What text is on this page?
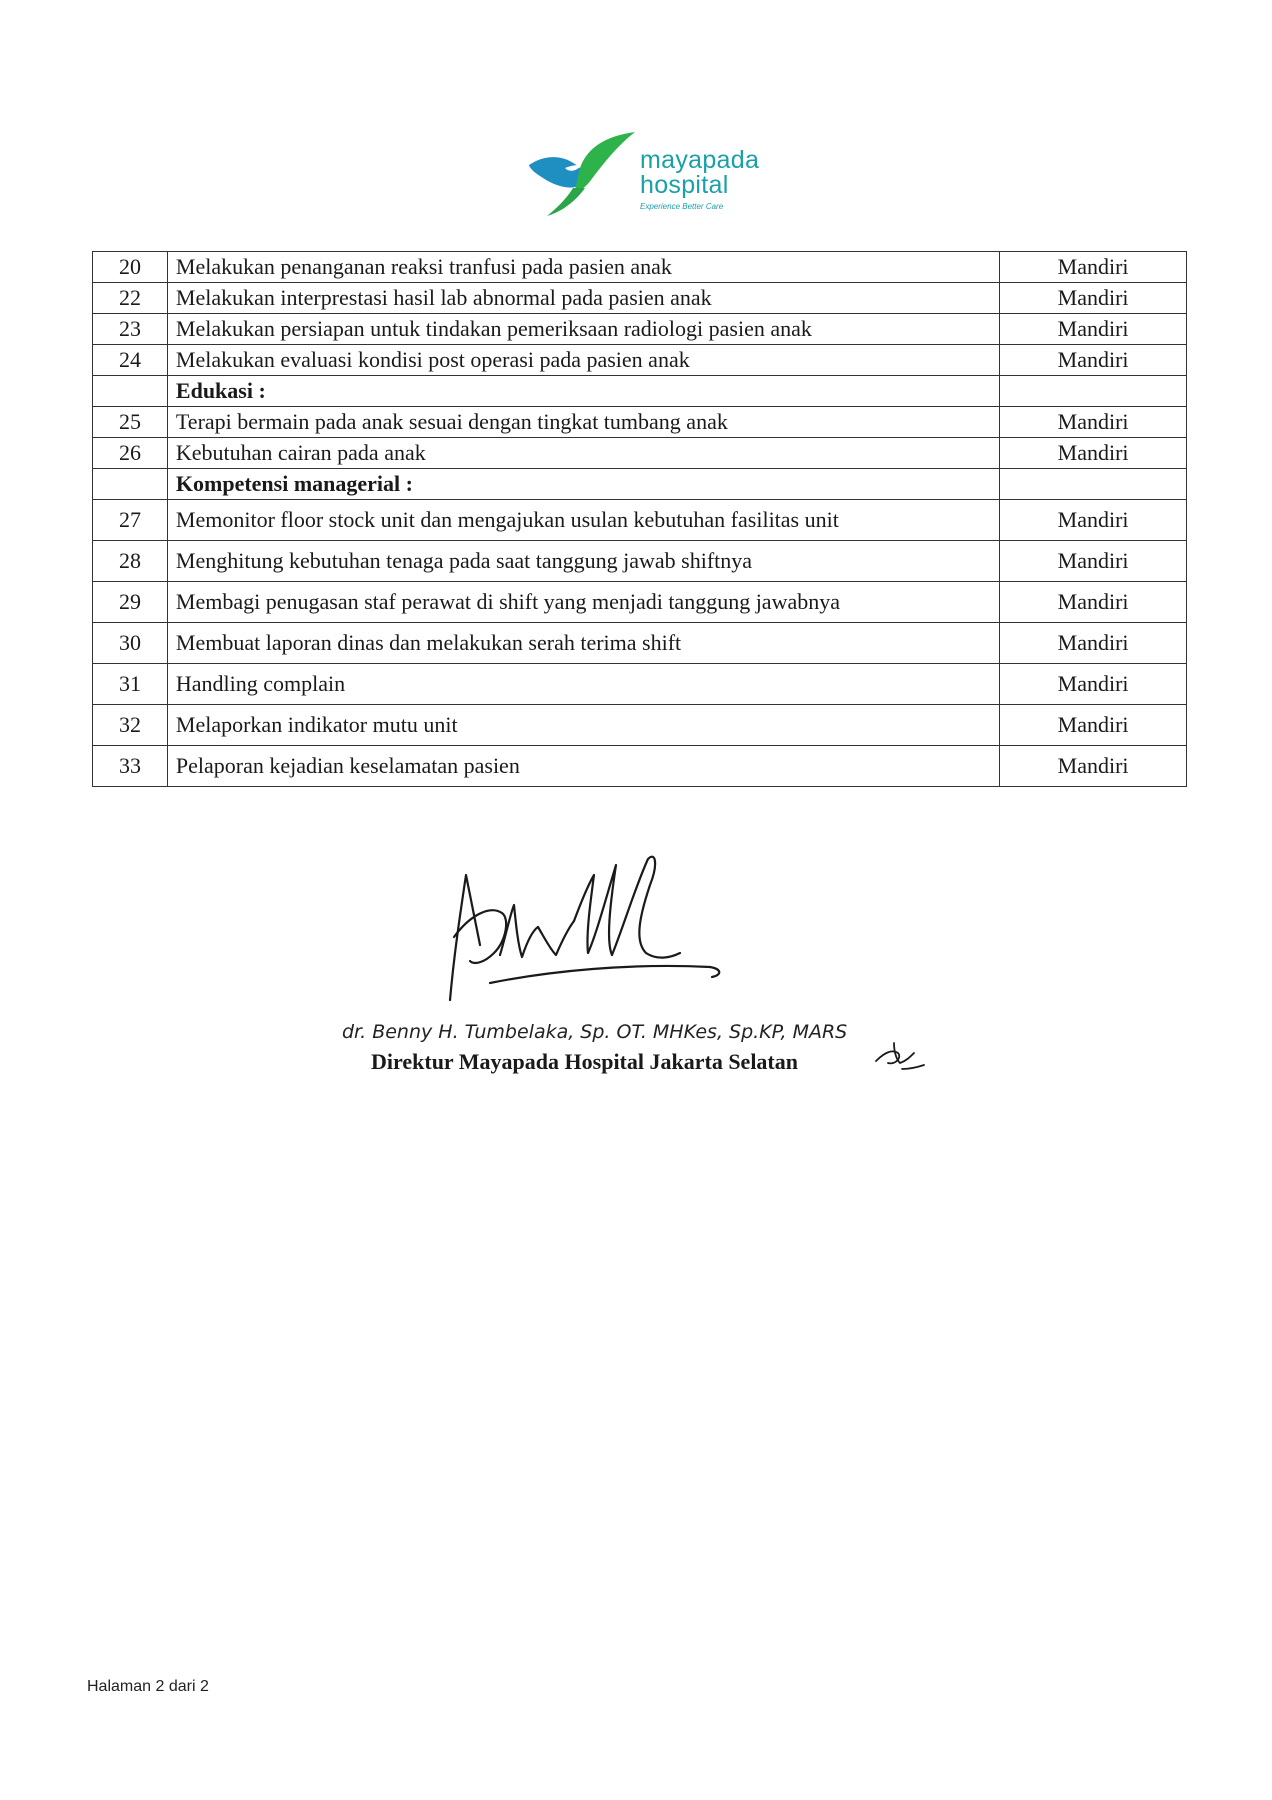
mayapada
hospital
Experience Better Care
20	Melakukan penanganan reaksi tranfusi pada pasien anak	Mandiri
22	Melakukan interprestasi hasil lab abnormal pada pasien anak	Mandiri
23	Melakukan persiapan untuk tindakan pemeriksaan radiologi pasien anak	Mandiri
24	Melakukan evaluasi kondisi post operasi pada pasien anak	Mandiri
	Edukasi :	
25	Terapi bermain pada anak sesuai dengan tingkat tumbang anak	Mandiri
26	Kebutuhan cairan pada anak	Mandiri
	Kompetensi managerial :	
27	Memonitor floor stock unit dan mengajukan usulan kebutuhan fasilitas unit	Mandiri
28	Menghitung kebutuhan tenaga pada saat tanggung jawab shiftnya	Mandiri
29	Membagi penugasan staf perawat di shift yang menjadi tanggung jawabnya	Mandiri
30	Membuat laporan dinas dan melakukan serah terima shift	Mandiri
31	Handling complain	Mandiri
32	Melaporkan indikator mutu unit	Mandiri
33	Pelaporan kejadian keselamatan pasien	Mandiri
dr. Benny H. Tumbelaka, Sp. OT. MHKes, Sp.KP, MARS
Direktur Mayapada Hospital Jakarta Selatan
Halaman 2 dari 2
